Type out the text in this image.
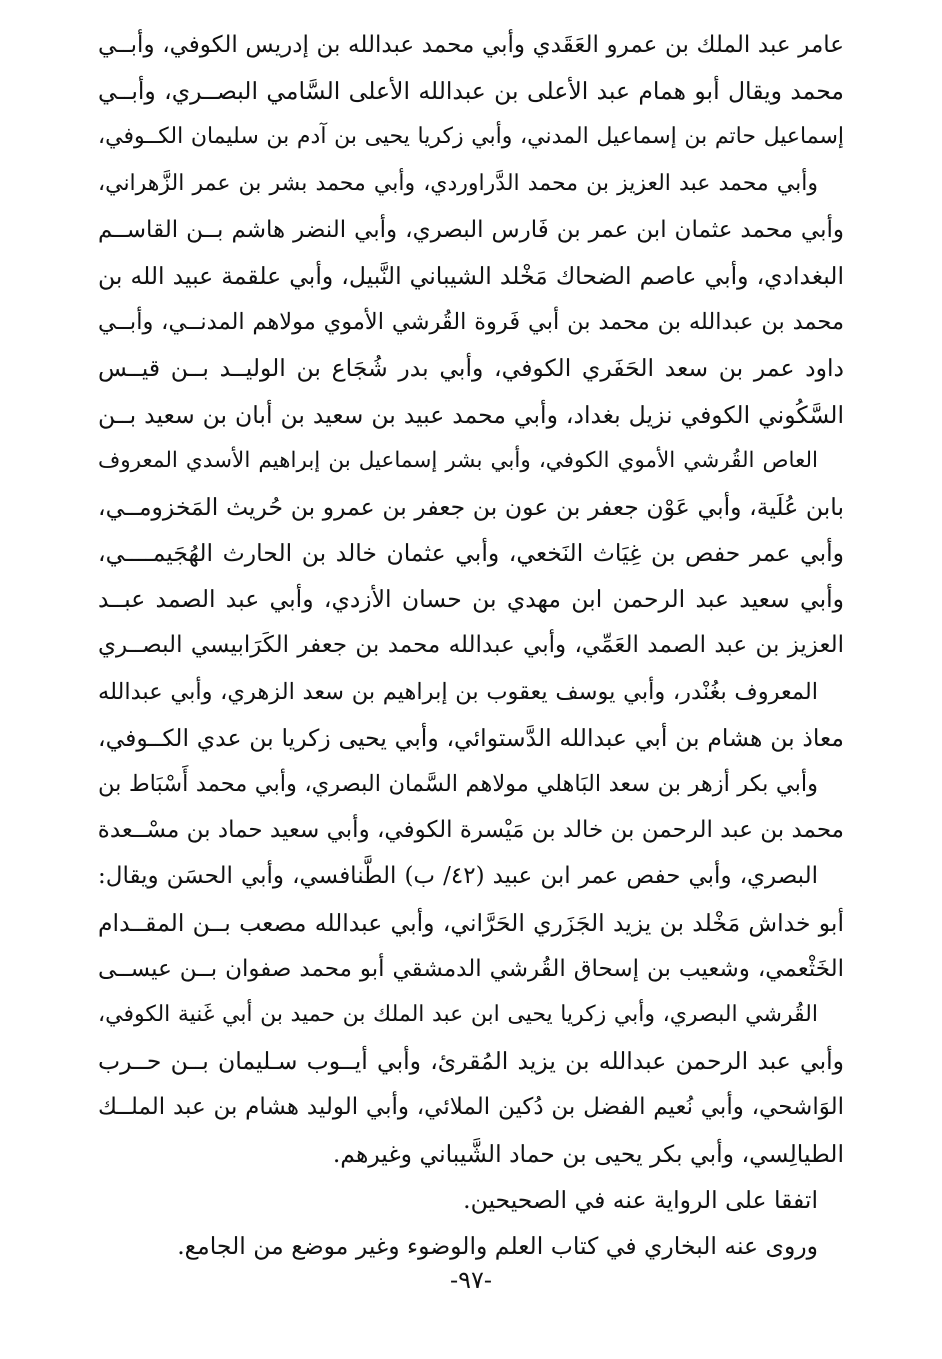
عامر عبد الملك بن عمرو العَقَدي وأبي محمد عبدالله بن إدريس الكوفي، وأبــي
محمد ويقال أبو همام عبد الأعلى بن عبدالله الأعلى السَّامي البصــري، وأبــي
إسماعيل حاتم بن إسماعيل المدني، وأبي زكريا يحيى بن آدم بن سليمان الكــوفي،
وأبي محمد عبد العزيز بن محمد الدَّراوردي، وأبي محمد بشر بن عمر الزَّهراني،
وأبي محمد عثمان ابن عمر بن فَارس البصري، وأبي النضر هاشم بــن القاســم
البغدادي، وأبي عاصم الضحاك مَخْلد الشيباني النَّبيل، وأبي علقمة عبيد الله بن
محمد بن عبدالله بن محمد بن أبي فَروة القُرشي الأموي مولاهم المدنــي، وأبــي
داود عمر بن سعد الحَفَري الكوفي، وأبي بدر شُجَاع بن الوليــد بــن قيــس
السَّكُوني الكوفي نزيل بغداد، وأبي محمد عبيد بن سعيد بن أبان بن سعيد بــن
العاص القُرشي الأموي الكوفي، وأبي بشر إسماعيل بن إبراهيم الأسدي المعروف
بابن عُلَية، وأبي عَوْن جعفر بن عون بن جعفر بن عمرو بن حُريث المَخزومــي،
وأبي عمر حفص بن غِيَاث النَخعي، وأبي عثمان خالد بن الحارث الهُجَيمــــي،
وأبي سعيد عبد الرحمن ابن مهدي بن حسان الأزدي، وأبي عبد الصمد عبــد
العزيز بن عبد الصمد العَمِّي، وأبي عبدالله محمد بن جعفر الكَرَابيسي البصــري
المعروف بغُنْدر، وأبي يوسف يعقوب بن إبراهيم بن سعد الزهري، وأبي عبدالله
معاذ بن هشام بن أبي عبدالله الدَّستوائي، وأبي يحيى زكريا بن عدي الكــوفي،
وأبي بكر أزهر بن سعد البَاهلي مولاهم السَّمان البصري، وأبي محمد أَسْبَاط بن
محمد بن عبد الرحمن بن خالد بن مَيْسرة الكوفي، وأبي سعيد حماد بن مسْــعدة
البصري، وأبي حفص عمر ابن عبيد (٤٢/ ب) الطَّنافسي، وأبي الحسَن ويقال:
أبو خداش مَخْلد بن يزيد الجَزَري الحَرَّاني، وأبي عبدالله مصعب بــن المقــدام
الخَثْعمي، وشعيب بن إسحاق القُرشي الدمشقي أبو محمد صفوان بــن عيســى
القُرشي البصري، وأبي زكريا يحيى ابن عبد الملك بن حميد بن أبي غَنية الكوفي،
وأبي عبد الرحمن عبدالله بن يزيد المُقرئ، وأبي أيــوب سـليمان بــن حــرب
الوَاشحي، وأبي نُعيم الفضل بن دُكين الملائي، وأبي الوليد هشام بن عبد الملــك
الطيالِسي، وأبي بكر يحيى بن حماد الشَّيباني وغيرهم.
اتفقا على الرواية عنه في الصحيحين.
وروى عنه البخاري في كتاب العلم والوضوء وغير موضع من الجامع.
-٩٧-
